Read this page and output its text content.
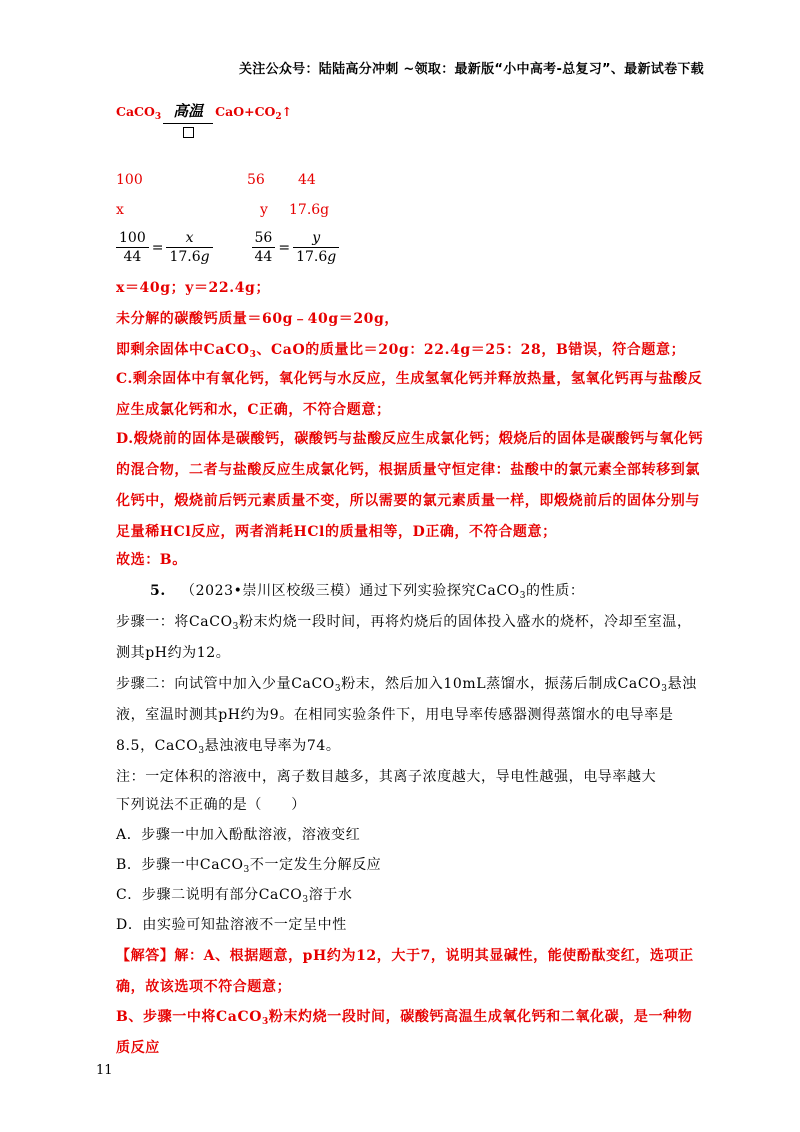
关注公众号：陆陆高分冲刺 ~领取：最新版“小中高考-总复习”、最新试卷下载
CaCO$_3$ 高温 $CaO+CO_2↑$
100	56 44
x	y 17.6g
$\frac{100}{44} = \frac{x}{17.6g}$
	$\frac{56}{44} = \frac{y}{17.6g}$
x＝40g；y＝22.4g；
未分解的碳酸钙质量＝60g﹣40g＝20g，
即剩余固体中CaCO$_3$、CaO的质量比＝20g：22.4g＝25：28，B错误，符合题意；
C.剩余固体中有氧化钙，氧化钙与水反应，生成氢氧化钙并释放热量，氢氧化钙再与盐酸反应生成氯化钙和水，C正确，不符合题意；
D.煅烧前的固体是碳酸钙，碳酸钙与盐酸反应生成氯化钙；煅烧后的固体是碳酸钙与氧化钙的混合物，二者与盐酸反应生成氯化钙，根据质量守恒定律：盐酸中的氯元素全部转移到氯化钙中，煅烧前后钙元素质量不变，所以需要的氯元素质量一样，即煅烧前后的固体分别与足量稀HCl反应，两者消耗HCl的质量相等，D正确，不符合题意；
故选：B。
5. （2023•崇川区校级三模）通过下列实验探究CaCO$_3$的性质：
步骤一：将CaCO$_3$粉末灼烧一段时间，再将灼烧后的固体投入盛水的烧杯，冷却至室温，测其pH约为12。
步骤二：向试管中加入少量CaCO$_3$粉末，然后加入10mL蒸馏水，振荡后制成CaCO$_3$悬浊液，室温时测其pH约为9。在相同实验条件下，用电导率传感器测得蒸馏水的电导率是8.5，CaCO$_3$悬浊液电导率为74。
注：一定体积的溶液中，离子数目越多，其离子浓度越大，导电性越强，电导率越大
下列说法不正确的是（　　）
A．步骤一中加入酚酞溶液，溶液变红
B．步骤一中CaCO$_3$不一定发生分解反应
C．步骤二说明有部分CaCO$_3$溶于水
D．由实验可知盐溶液不一定呈中性
【解答】解：A、根据题意，pH约为12，大于7，说明其显碱性，能使酚酞变红，选项正确，故该选项不符合题意；
B、步骤一中将CaCO$_3$粉末灼烧一段时间，碳酸钙高温生成氧化钙和二氧化碳，是一种物质反应
11
